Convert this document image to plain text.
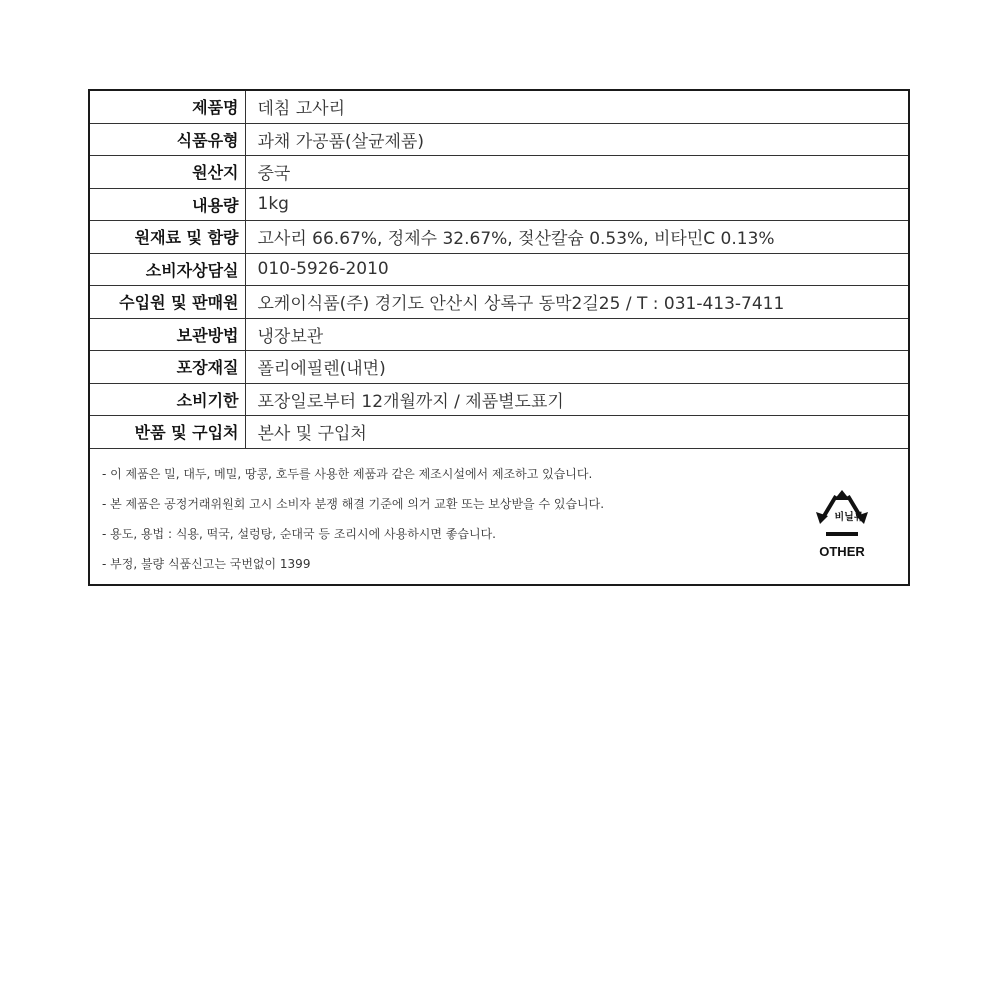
제품명	데침 고사리
식품유형	과채 가공품(살균제품)
원산지	중국
내용량	1kg
원재료 및 함량	고사리 66.67%, 정제수 32.67%, 젖산칼슘 0.53%, 비타민C 0.13%
소비자상담실	010-5926-2010
수입원 및 판매원	오케이식품(주) 경기도 안산시 상록구 동막2길25 / T : 031-413-7411
보관방법	냉장보관
포장재질	폴리에필렌(내면)
소비기한	포장일로부터 12개월까지 / 제품별도표기
반품 및 구입처	본사 및 구입처
- 이 제품은 밀, 대두, 메밀, 땅콩, 호두를 사용한 제품과 같은 제조시설에서 제조하고 있습니다.
- 본 제품은 공정거래위원회 고시 소비자 분쟁 해결 기준에 의거 교환 또는 보상받을 수 있습니다.
- 용도, 용법 : 식용, 떡국, 설렁탕, 순대국 등 조리시에 사용하시면 좋습니다.
- 부정, 불량 식품신고는 국번없이 1399
비닐류
OTHER
